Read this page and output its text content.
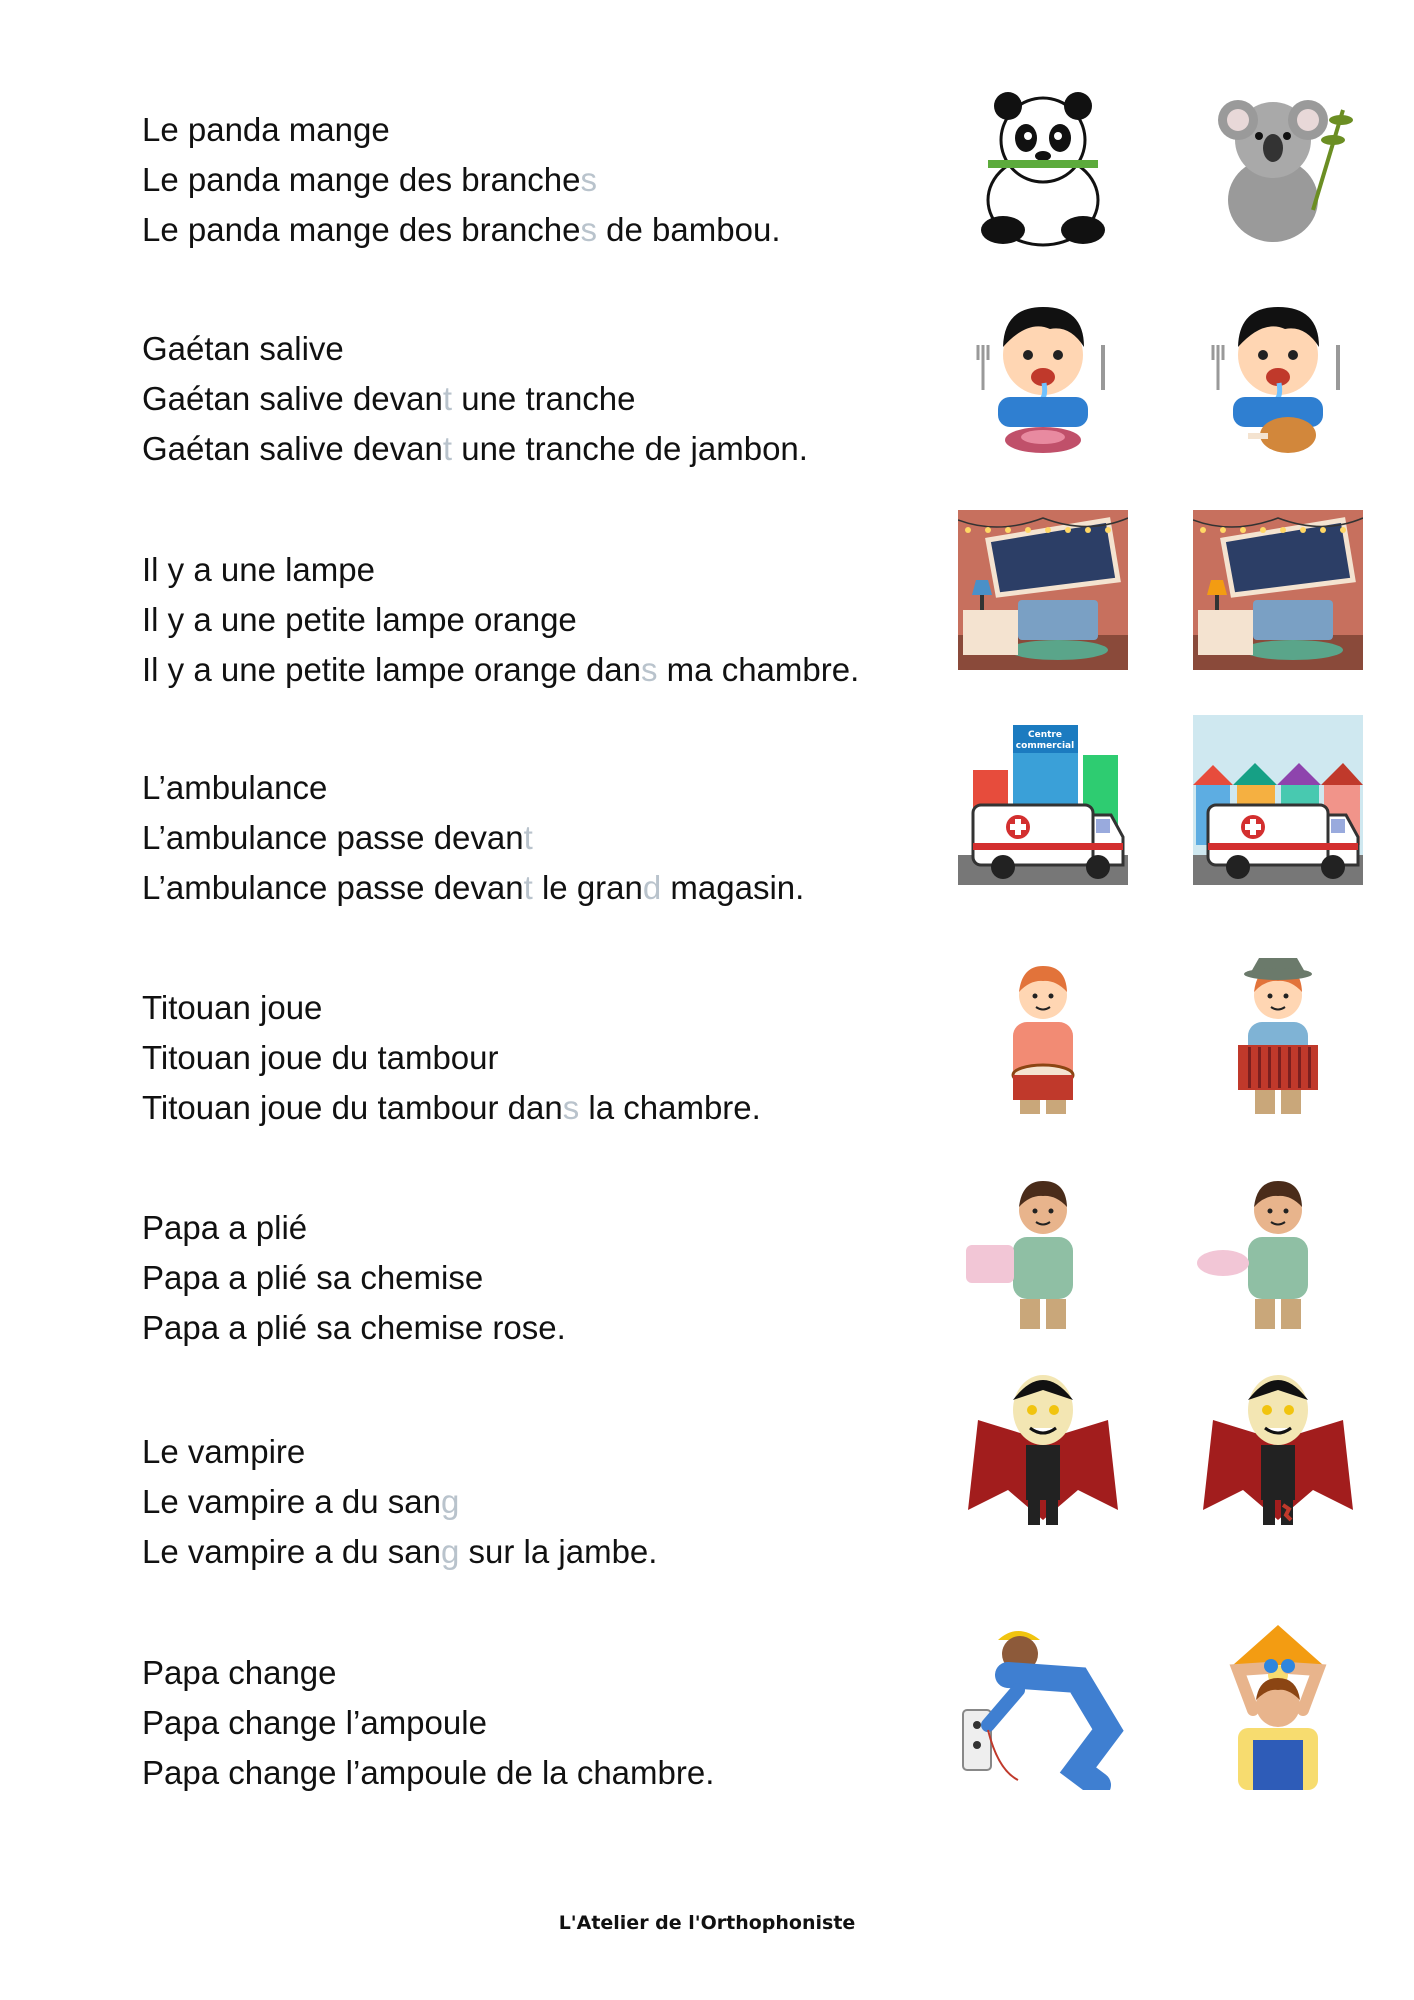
Le panda mange
Le panda mange des branches
Le panda mange des branches de bambou.
Gaétan salive
Gaétan salive devant une tranche
Gaétan salive devant une tranche de jambon.
Il y a une lampe
Il y a une petite lampe orange
Il y a une petite lampe orange dans ma chambre.
L’ambulance
L’ambulance passe devant
L’ambulance passe devant le grand magasin.
Centre
commercial
Titouan joue
Titouan joue du tambour
Titouan joue du tambour dans la chambre.
Papa a plié
Papa a plié sa chemise
Papa a plié sa chemise rose.
Le vampire
Le vampire a du sang
Le vampire a du sang sur la jambe.
Papa change
Papa change l’ampoule
Papa change l’ampoule de la chambre.
L'Atelier de l'Orthophoniste
